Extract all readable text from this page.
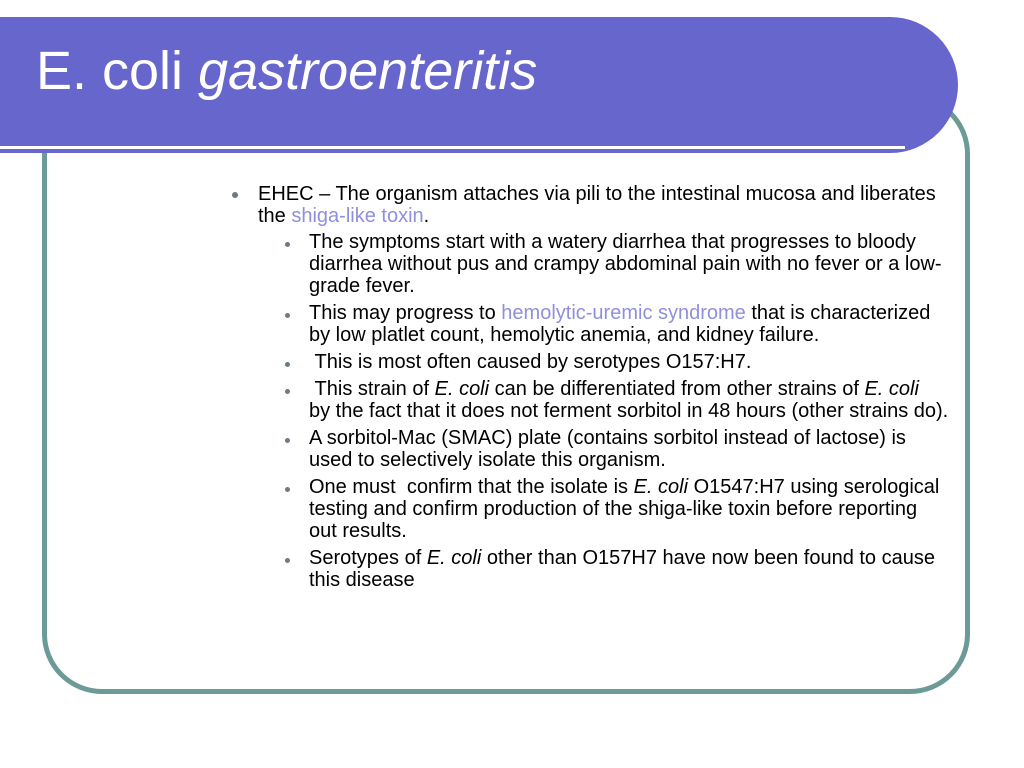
E. coli gastroenteritis
EHEC – The organism attaches via pili to the intestinal mucosa and liberates the shiga-like toxin.
The symptoms start with a watery diarrhea that progresses to bloody diarrhea without pus and crampy abdominal pain with no fever or a low-grade fever.
This may progress to hemolytic-uremic syndrome that is characterized by low platlet count, hemolytic anemia, and kidney failure.
This is most often caused by serotypes O157:H7.
This strain of E. coli can be differentiated from other strains of E. coli  by the fact that it does not ferment sorbitol in 48 hours (other strains do).
A sorbitol-Mac (SMAC) plate (contains sorbitol instead of lactose) is used to selectively isolate this organism.
One must  confirm that the isolate is E. coli O1547:H7 using serological testing and confirm production of the shiga-like toxin before reporting out results.
Serotypes of E. coli other than O157H7 have now been found to cause this disease
